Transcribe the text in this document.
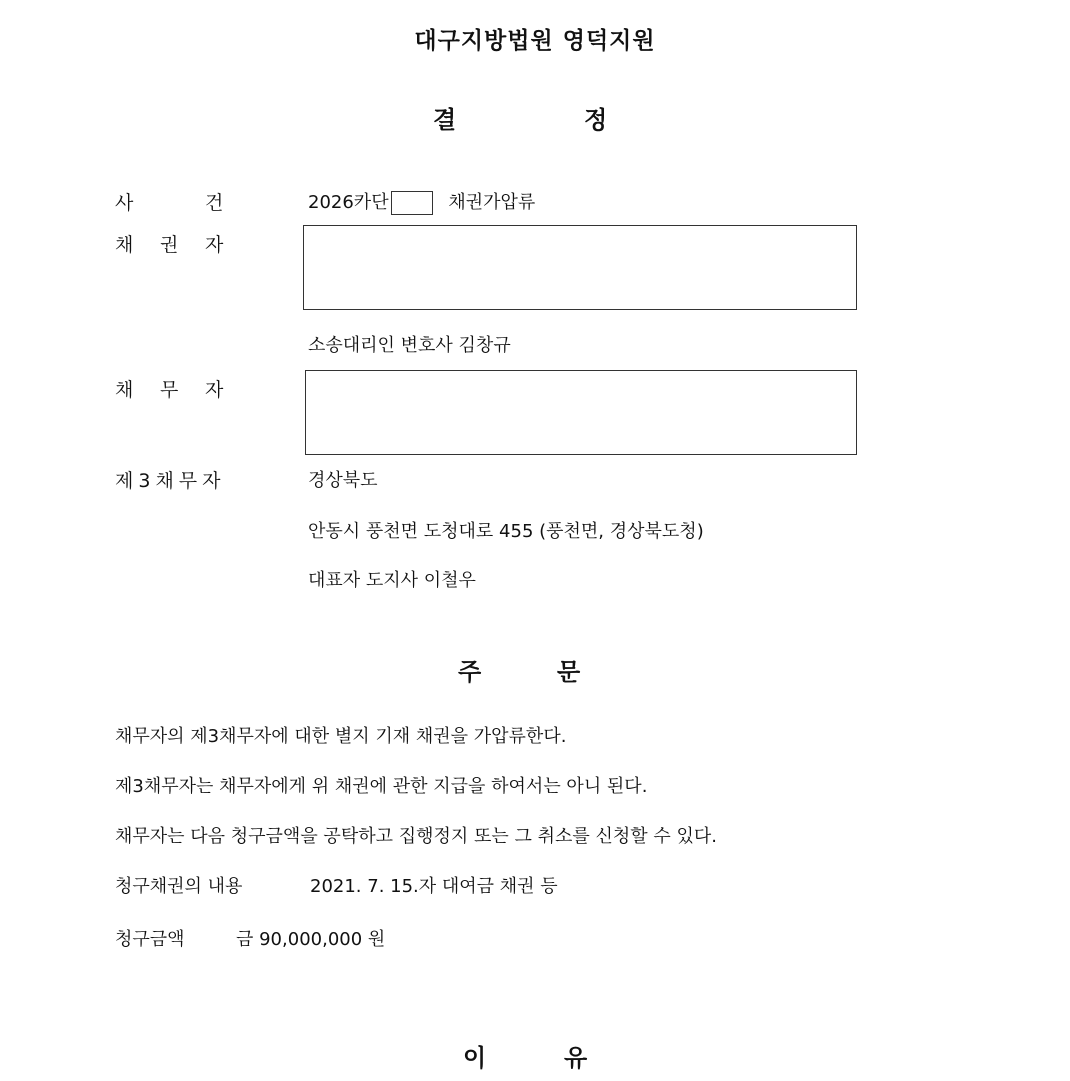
대구지방법원 영덕지원
결	정
사	건	2026카단	채권가압류
채 권 자
소송대리인 변호사 김창규
채 무 자
제3채무자	경상북도
안동시 풍천면 도청대로 455 (풍천면, 경상북도청)
대표자 도지사 이철우
주	문
채무자의 제3채무자에 대한 별지 기재 채권을 가압류한다.
제3채무자는 채무자에게 위 채권에 관한 지급을 하여서는 아니 된다.
채무자는 다음 청구금액을 공탁하고 집행정지 또는 그 취소를 신청할 수 있다.
청구채권의 내용	2021. 7. 15.자 대여금 채권 등
청구금액	금 90,000,000 원
이	유
